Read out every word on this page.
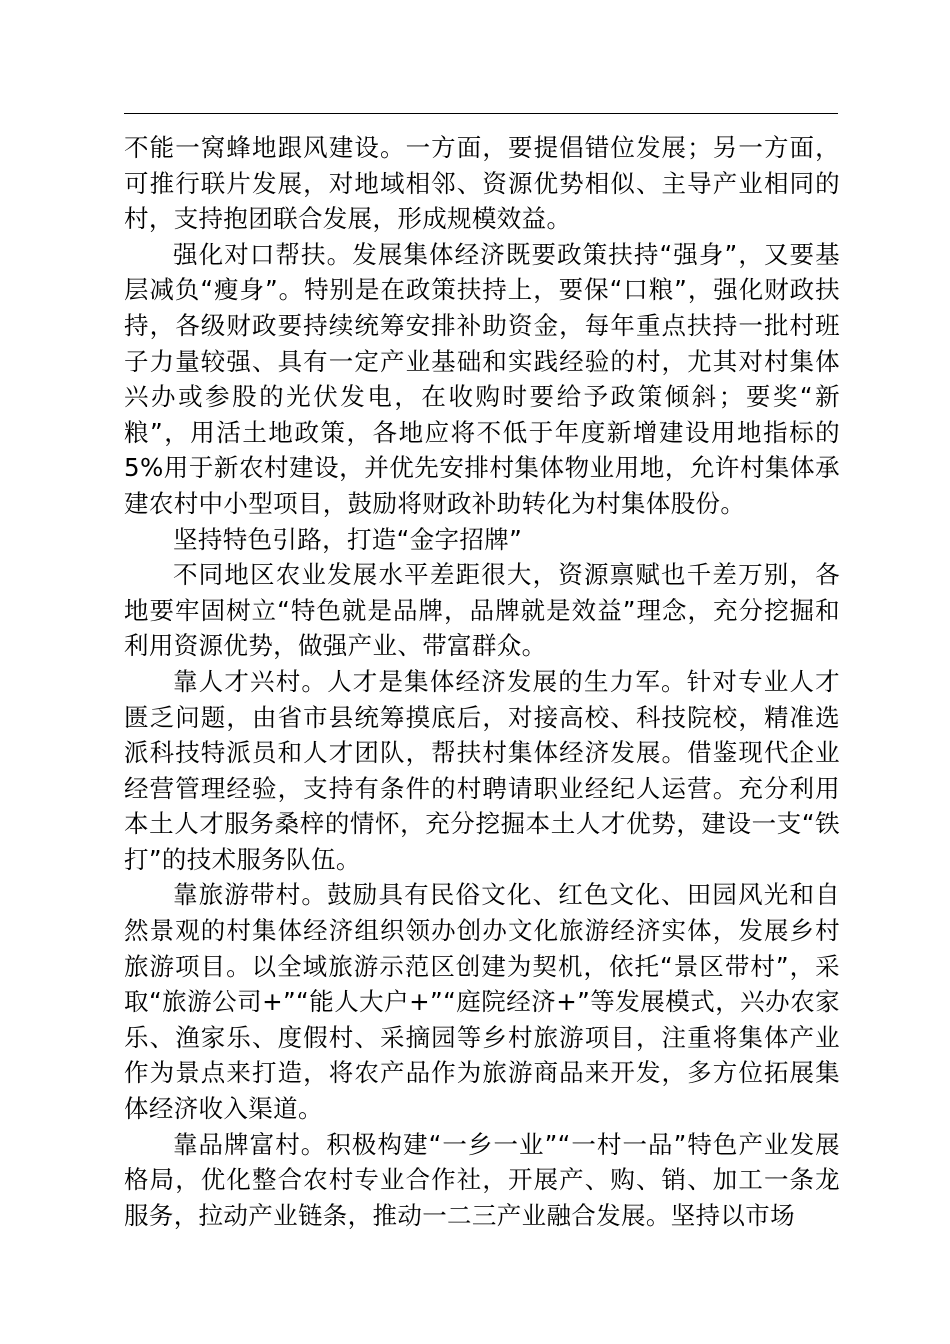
不能一窝蜂地跟风建设。一方面，要提倡错位发展；另一方面，可推行联片发展，对地域相邻、资源优势相似、主导产业相同的村，支持抱团联合发展，形成规模效益。

强化对口帮扶。发展集体经济既要政策扶持“强身”，又要基层减负“瘦身”。特别是在政策扶持上，要保“口粮”，强化财政扶持，各级财政要持续统筹安排补助资金，每年重点扶持一批村班子力量较强、具有一定产业基础和实践经验的村，尤其对村集体兴办或参股的光伏发电，在收购时要给予政策倾斜；要奖“新粮”，用活土地政策，各地应将不低于年度新增建设用地指标的5%用于新农村建设，并优先安排村集体物业用地，允许村集体承建农村中小型项目，鼓励将财政补助转化为村集体股份。

坚持特色引路，打造“金字招牌”

不同地区农业发展水平差距很大，资源禀赋也千差万别，各地要牢固树立“特色就是品牌，品牌就是效益”理念，充分挖掘和利用资源优势，做强产业、带富群众。

靠人才兴村。人才是集体经济发展的生力军。针对专业人才匮乏问题，由省市县统筹摸底后，对接高校、科技院校，精准选派科技特派员和人才团队，帮扶村集体经济发展。借鉴现代企业经营管理经验，支持有条件的村聘请职业经纪人运营。充分利用本土人才服务桑梓的情怀，充分挖掘本土人才优势，建设一支“铁打”的技术服务队伍。

靠旅游带村。鼓励具有民俗文化、红色文化、田园风光和自然景观的村集体经济组织领办创办文化旅游经济实体，发展乡村旅游项目。以全域旅游示范区创建为契机，依托“景区带村”，采取“旅游公司+”“能人大户+”“庭院经济+”等发展模式，兴办农家乐、渔家乐、度假村、采摘园等乡村旅游项目，注重将集体产业作为景点来打造，将农产品作为旅游商品来开发，多方位拓展集体经济收入渠道。

靠品牌富村。积极构建“一乡一业”“一村一品”特色产业发展格局，优化整合农村专业合作社，开展产、购、销、加工一条龙服务，拉动产业链条，推动一二三产业融合发展。坚持以市场
